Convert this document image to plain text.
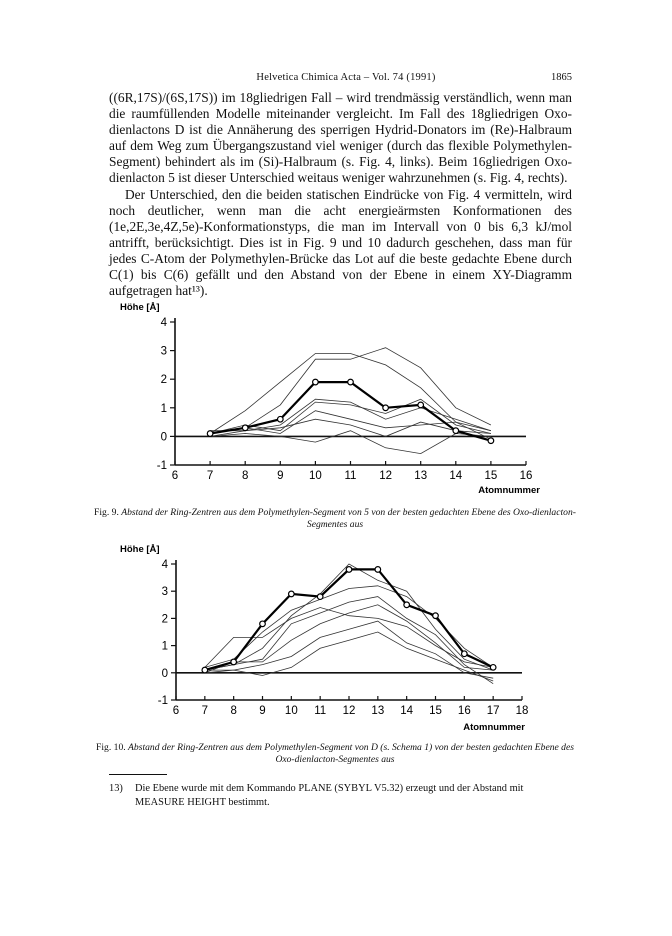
Helvetica Chimica Acta – Vol. 74 (1991)	1865

((6R,17S)/(6S,17S)) im 18gliedrigen Fall – wird trendmässig verständlich, wenn man die raumfüllenden Modelle miteinander vergleicht. Im Fall des 18gliedrigen Oxo-dienlactons D ist die Annäherung des sperrigen Hydrid-Donators im (Re)-Halbraum auf dem Weg zum Übergangszustand viel weniger (durch das flexible Polymethylen-Segment) behindert als im (Si)-Halbraum (s. Fig. 4, links). Beim 16gliedrigen Oxo-dienlacton 5 ist dieser Unterschied weitaus weniger wahrzunehmen (s. Fig. 4, rechts).

Der Unterschied, den die beiden statischen Eindrücke von Fig. 4 vermitteln, wird noch deutlicher, wenn man die acht energieärmsten Konformationen des (1e,2E,3e,4Z,5e)-Konformationstyps, die man im Intervall von 0 bis 6,3 kJ/mol antrifft, berücksichtigt. Dies ist in Fig. 9 und 10 dadurch geschehen, dass man für jedes C-Atom der Polymethylen-Brücke das Lot auf die beste gedachte Ebene durch C(1) bis C(6) gefällt und den Abstand von der Ebene in einem XY-Diagramm aufgetragen hat¹³).

Höhe [Å]
Atomnummer
-1
0
1
2
3
4
6 7 8 9 10 11 12 13 14 15 16
Fig. 9. Abstand der Ring-Zentren aus dem Polymethylen-Segment von 5 von der besten gedachten Ebene des Oxo-dienlacton-Segmentes aus
Höhe [Å]
Atomnummer
-1
0
1
2
3
4
6 7 8 9 10 11 12 13 14 15 16 17 18
Fig. 10. Abstand der Ring-Zentren aus dem Polymethylen-Segment von D (s. Schema 1) von der besten gedachten Ebene des Oxo-dienlacton-Segmentes aus
13) Die Ebene wurde mit dem Kommando PLANE (SYBYL V5.32) erzeugt und der Abstand mit MEASURE HEIGHT bestimmt.
